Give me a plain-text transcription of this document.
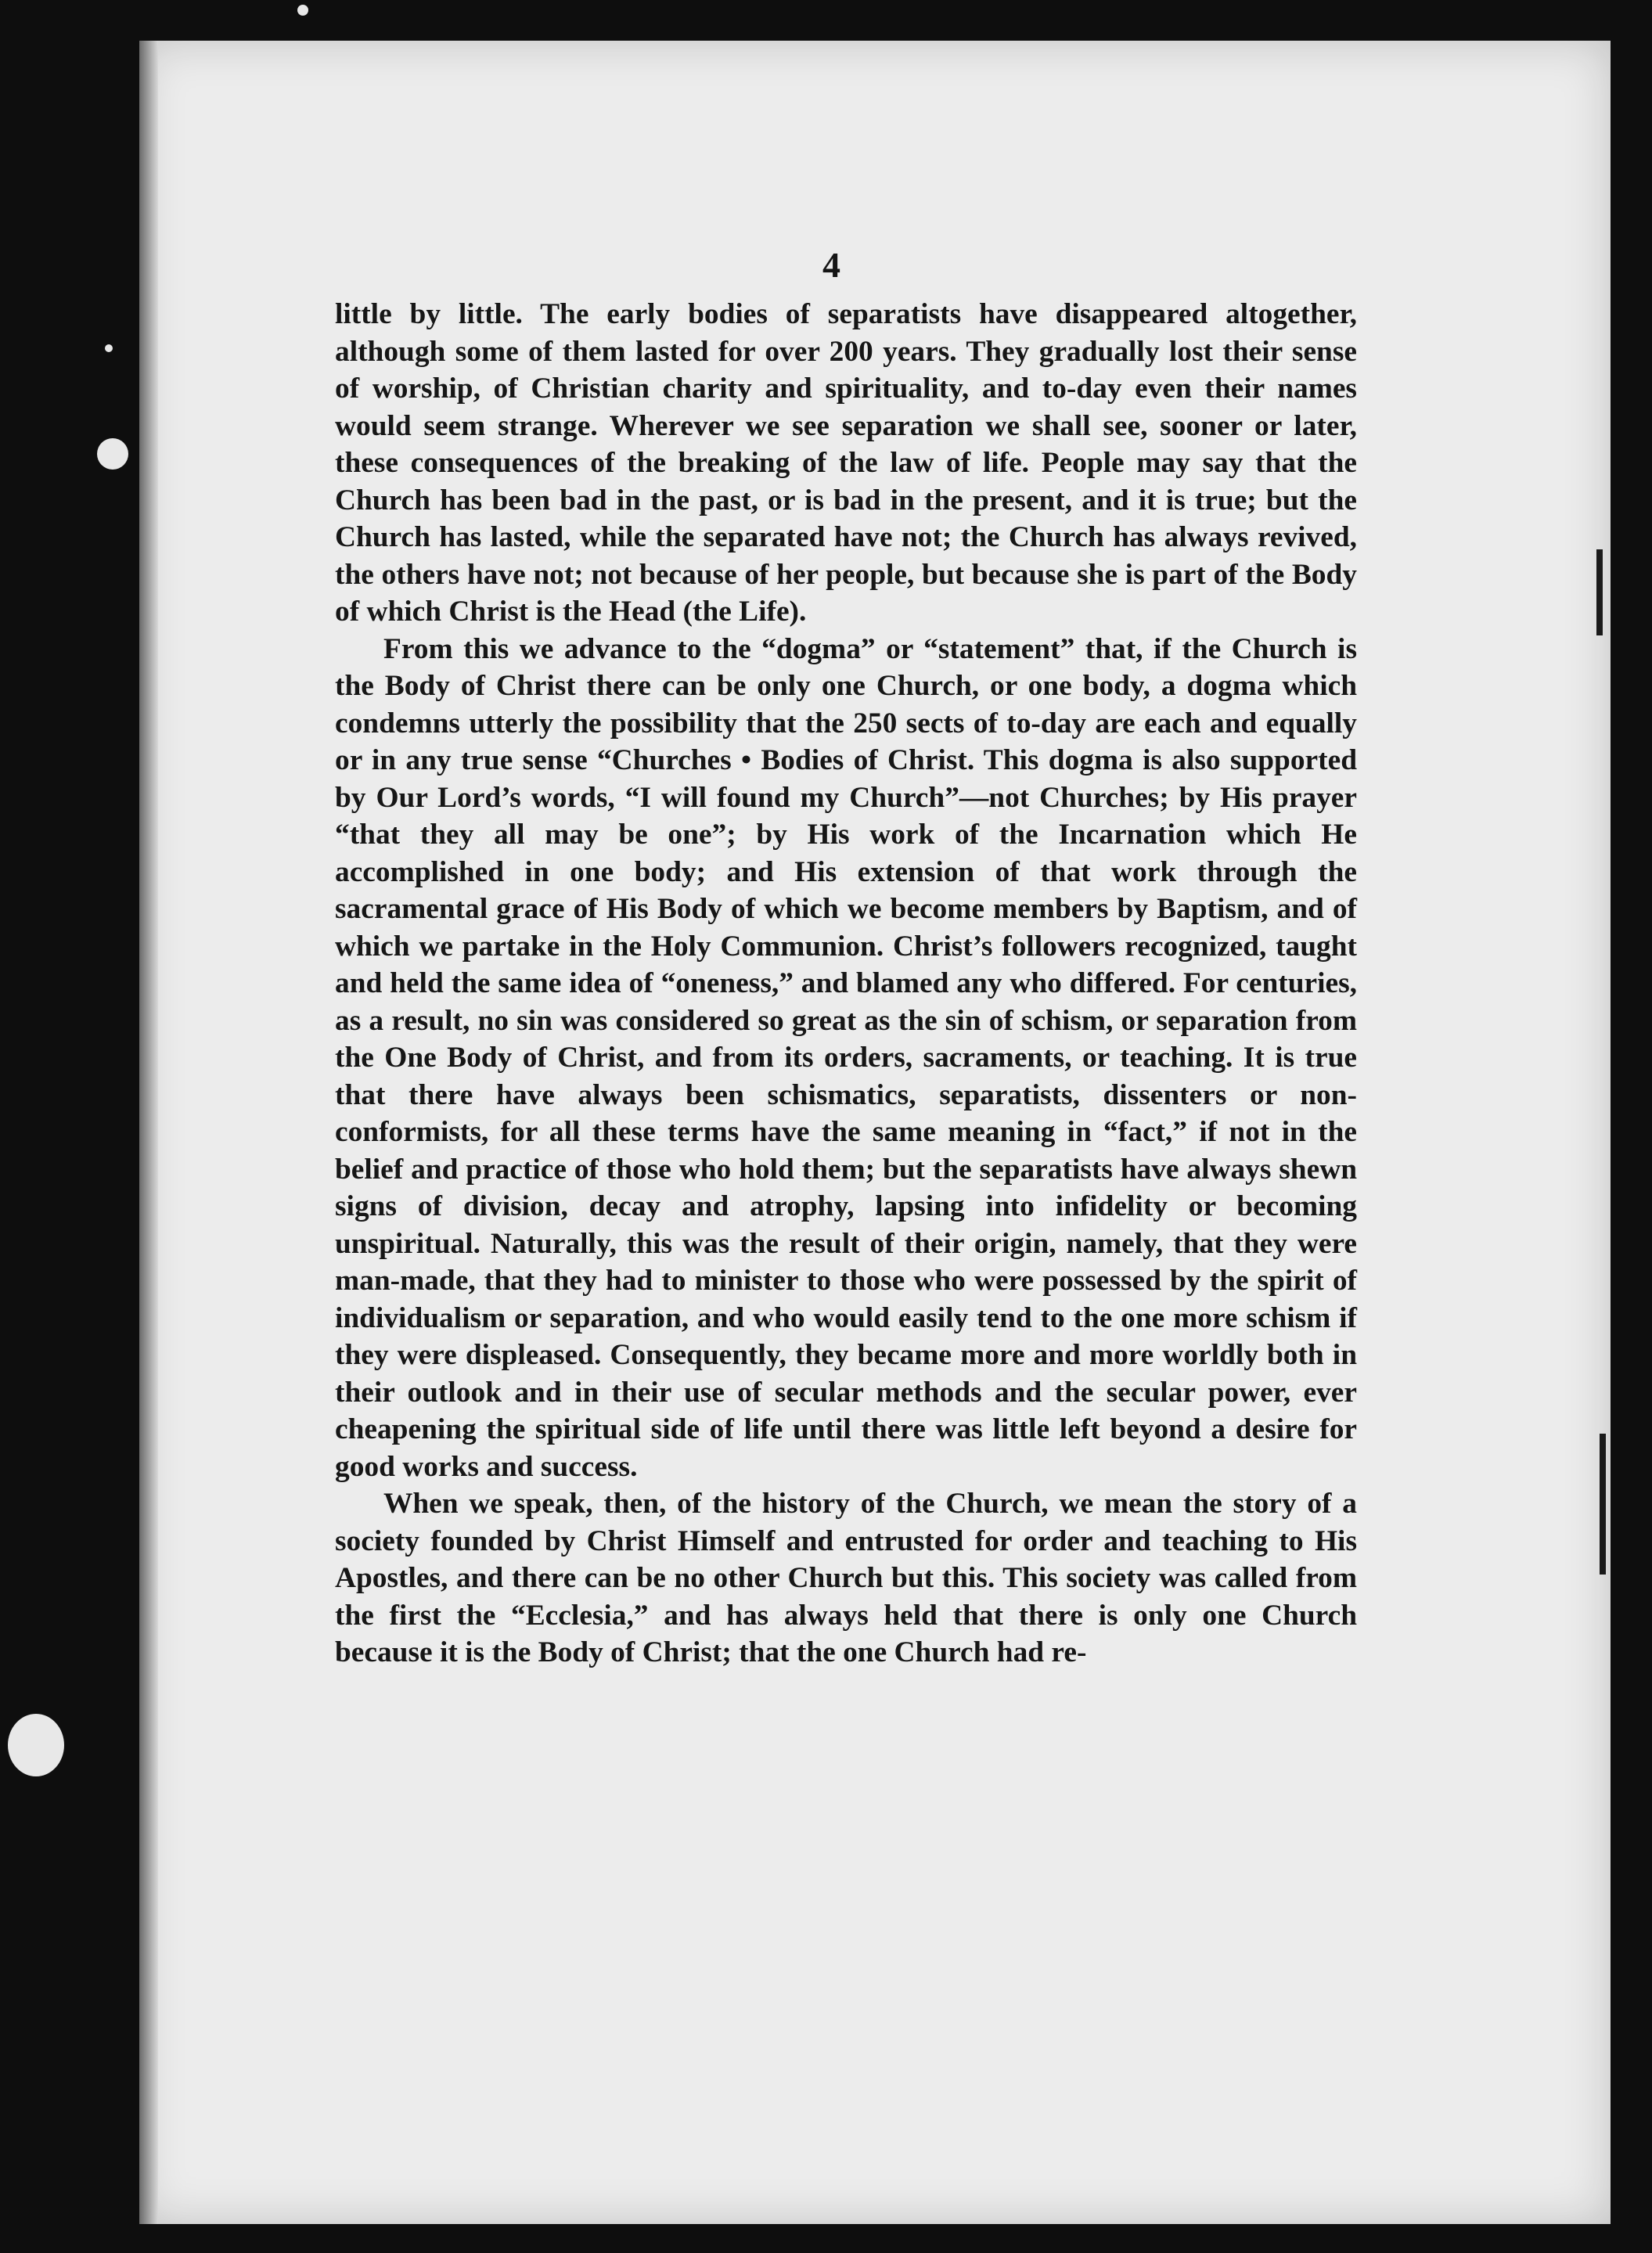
4

little by little. The early bodies of separatists have disappeared altogether, although some of them lasted for over 200 years. They gradually lost their sense of worship, of Christian charity and spirituality, and to-day even their names would seem strange. Wherever we see separation we shall see, sooner or later, these consequences of the breaking of the law of life. People may say that the Church has been bad in the past, or is bad in the present, and it is true; but the Church has lasted, while the separated have not; the Church has always revived, the others have not; not because of her people, but because she is part of the Body of which Christ is the Head (the Life).

From this we advance to the “dogma” or “statement” that, if the Church is the Body of Christ there can be only one Church, or one body, a dogma which condemns utterly the possibility that the 250 sects of to-day are each and equally or in any true sense “Churches • Bodies of Christ. This dogma is also supported by Our Lord’s words, “I will found my Church”—not Churches; by His prayer “that they all may be one”; by His work of the Incarnation which He accomplished in one body; and His extension of that work through the sacramental grace of His Body of which we become members by Baptism, and of which we partake in the Holy Communion. Christ’s followers recognized, taught and held the same idea of “oneness,” and blamed any who differed. For centuries, as a result, no sin was considered so great as the sin of schism, or separation from the One Body of Christ, and from its orders, sacraments, or teaching. It is true that there have always been schismatics, separatists, dissenters or non-conformists, for all these terms have the same meaning in “fact,” if not in the belief and practice of those who hold them; but the separatists have always shewn signs of division, decay and atrophy, lapsing into infidelity or becoming unspiritual. Naturally, this was the result of their origin, namely, that they were man-made, that they had to minister to those who were possessed by the spirit of individualism or separation, and who would easily tend to the one more schism if they were displeased. Consequently, they became more and more worldly both in their outlook and in their use of secular methods and the secular power, ever cheapening the spiritual side of life until there was little left beyond a desire for good works and success.

When we speak, then, of the history of the Church, we mean the story of a society founded by Christ Himself and entrusted for order and teaching to His Apostles, and there can be no other Church but this. This society was called from the first the “Ecclesia,” and has always held that there is only one Church because it is the Body of Christ; that the one Church had re-
